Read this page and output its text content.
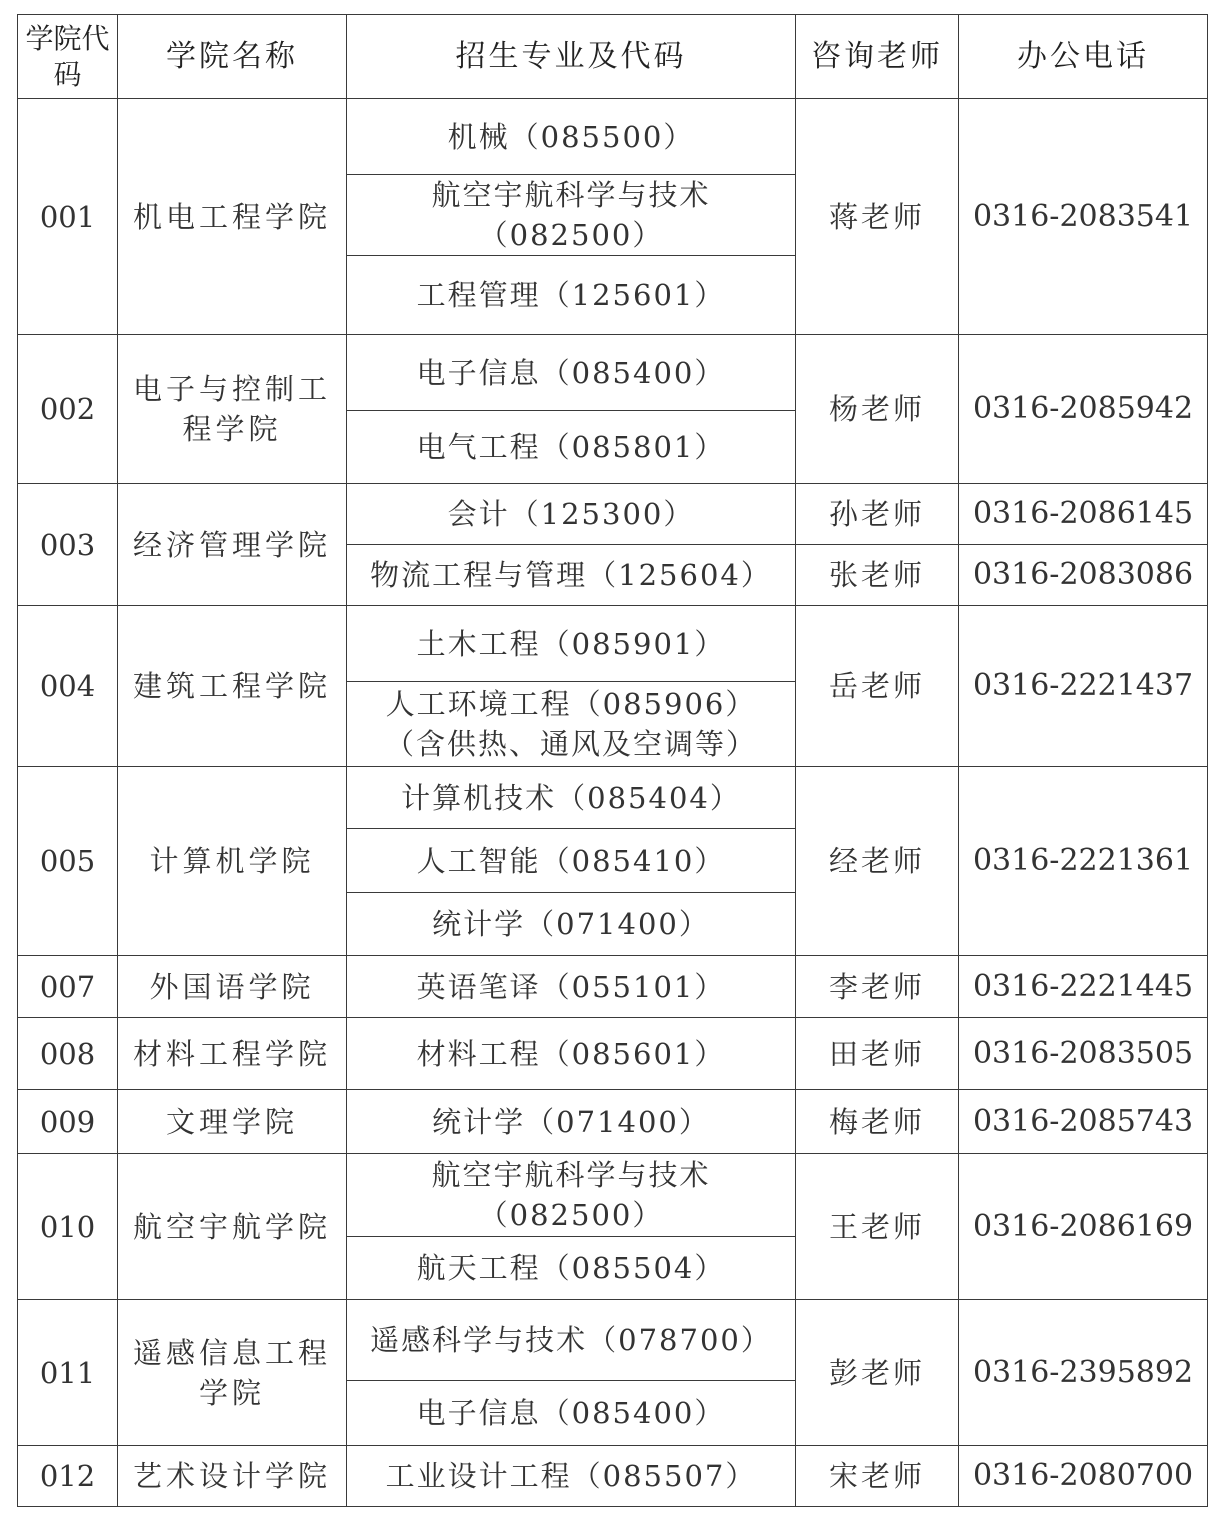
学院代码	学院名称	招生专业及代码	咨询老师	办公电话
001	机电工程学院	机械（085500）	蒋老师	0316-2083541
		航空宇航科学与技术（082500）		
		工程管理（125601）		
002	电子与控制工程学院	电子信息（085400）	杨老师	0316-2085942
		电气工程（085801）		
003	经济管理学院	会计（125300）	孙老师	0316-2086145
		物流工程与管理（125604）	张老师	0316-2083086
004	建筑工程学院	土木工程（085901）	岳老师	0316-2221437
		人工环境工程（085906）（含供热、通风及空调等）		
005	计算机学院	计算机技术（085404）	经老师	0316-2221361
		人工智能（085410）		
		统计学（071400）		
007	外国语学院	英语笔译（055101）	李老师	0316-2221445
008	材料工程学院	材料工程（085601）	田老师	0316-2083505
009	文理学院	统计学（071400）	梅老师	0316-2085743
010	航空宇航学院	航空宇航科学与技术（082500）	王老师	0316-2086169
		航天工程（085504）		
011	遥感信息工程学院	遥感科学与技术（078700）	彭老师	0316-2395892
		电子信息（085400）		
012	艺术设计学院	工业设计工程（085507）	宋老师	0316-2080700
